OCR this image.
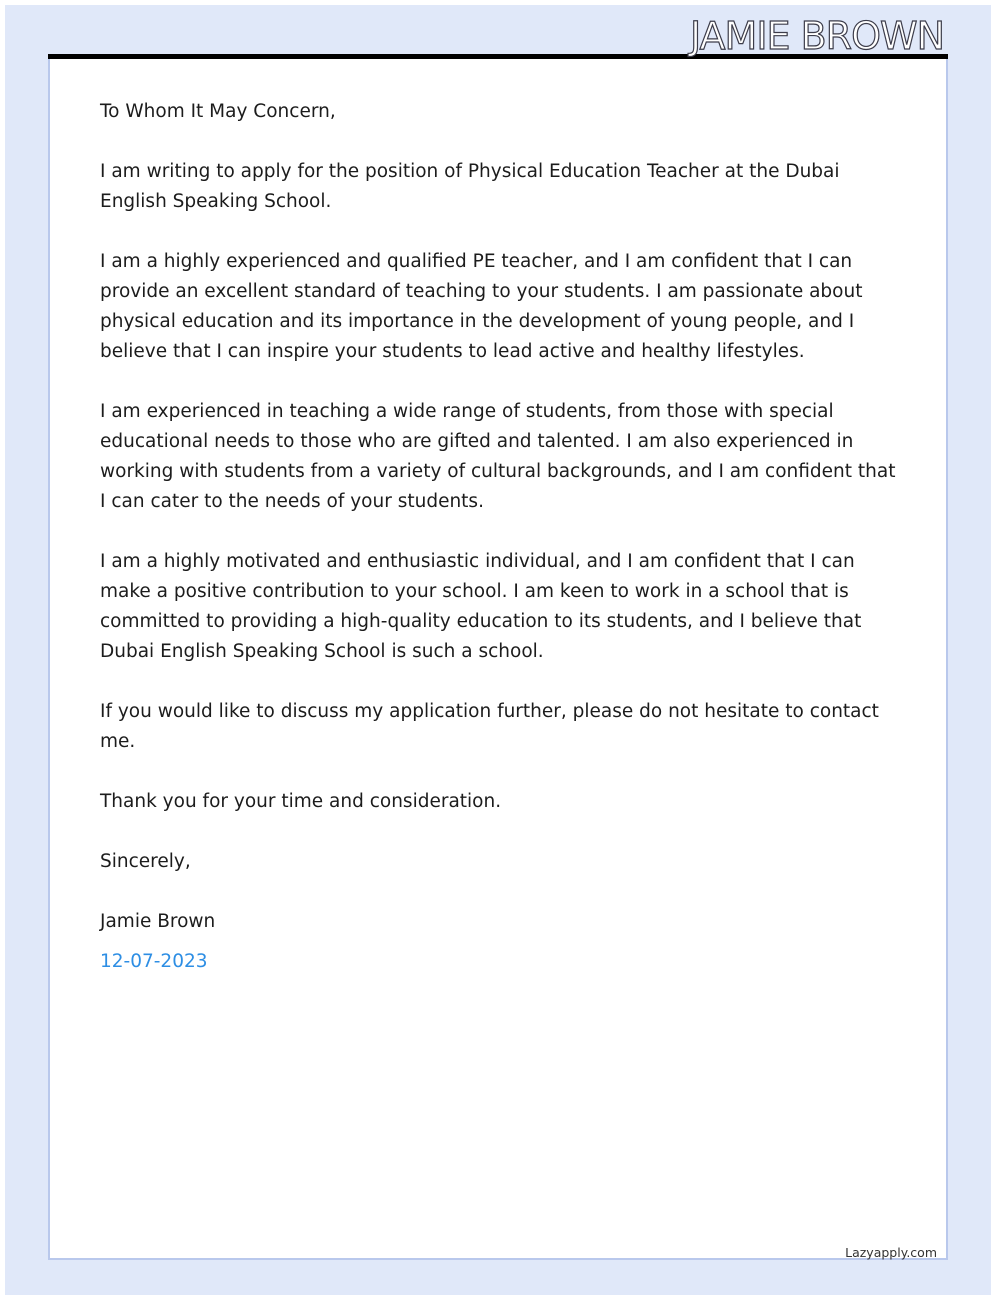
JAMIE BROWN

To Whom It May Concern,

I am writing to apply for the position of Physical Education Teacher at the Dubai English Speaking School.

I am a highly experienced and qualified PE teacher, and I am confident that I can provide an excellent standard of teaching to your students. I am passionate about physical education and its importance in the development of young people, and I believe that I can inspire your students to lead active and healthy lifestyles.

I am experienced in teaching a wide range of students, from those with special educational needs to those who are gifted and talented. I am also experienced in working with students from a variety of cultural backgrounds, and I am confident that I can cater to the needs of your students.

I am a highly motivated and enthusiastic individual, and I am confident that I can make a positive contribution to your school. I am keen to work in a school that is committed to providing a high-quality education to its students, and I believe that Dubai English Speaking School is such a school.

If you would like to discuss my application further, please do not hesitate to contact me.

Thank you for your time and consideration.

Sincerely,

Jamie Brown

12-07-2023

Lazyapply.com
